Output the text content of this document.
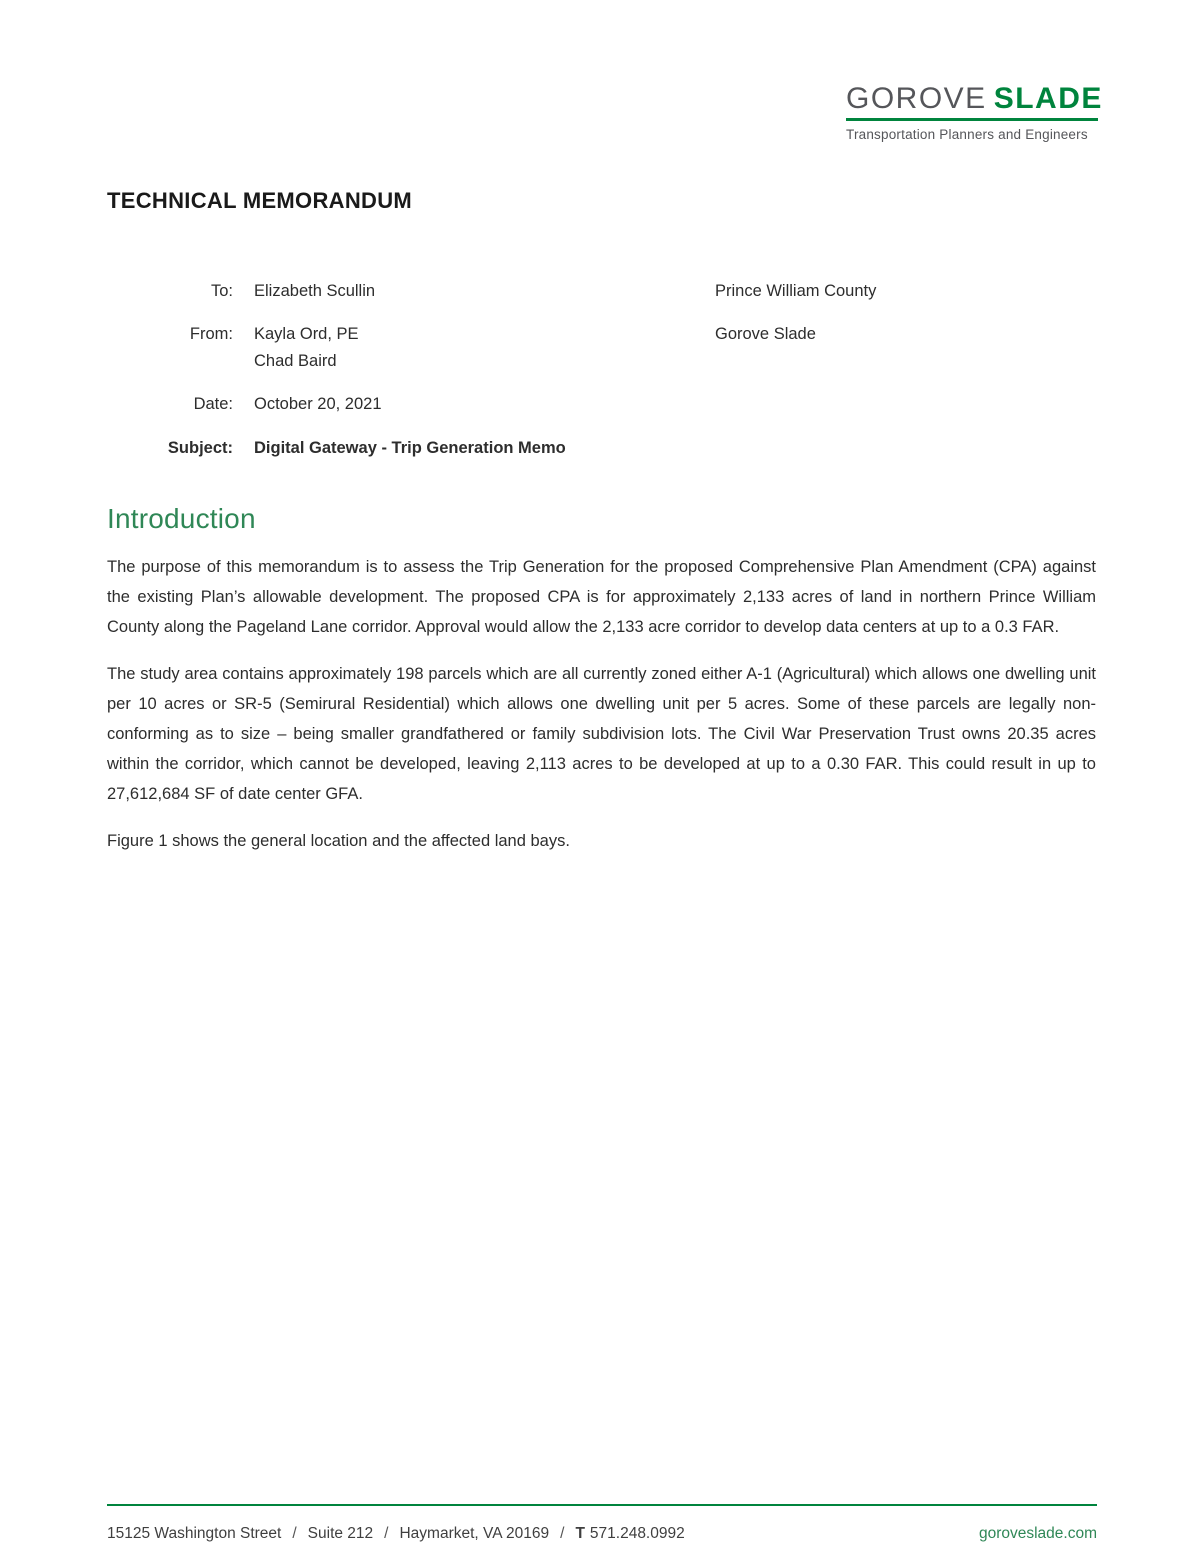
GOROVE SLADE
Transportation Planners and Engineers
TECHNICAL MEMORANDUM
To: Elizabeth Scullin	Prince William County
From: Kayla Ord, PE
Chad Baird
Gorove Slade
Date: October 20, 2021
Subject: Digital Gateway - Trip Generation Memo
Introduction

The purpose of this memorandum is to assess the Trip Generation for the proposed Comprehensive Plan Amendment (CPA) against the existing Plan’s allowable development. The proposed CPA is for approximately 2,133 acres of land in northern Prince William County along the Pageland Lane corridor. Approval would allow the 2,133 acre corridor to develop data centers at up to a 0.3 FAR.

The study area contains approximately 198 parcels which are all currently zoned either A-1 (Agricultural) which allows one dwelling unit per 10 acres or SR-5 (Semirural Residential) which allows one dwelling unit per 5 acres. Some of these parcels are legally non-conforming as to size – being smaller grandfathered or family subdivision lots. The Civil War Preservation Trust owns 20.35 acres within the corridor, which cannot be developed, leaving 2,113 acres to be developed at up to a 0.30 FAR. This could result in up to 27,612,684 SF of date center GFA.

Figure 1 shows the general location and the affected land bays.

15125 Washington Street / Suite 212 / Haymarket, VA 20169 / T 571.248.0992	goroveslade.com
